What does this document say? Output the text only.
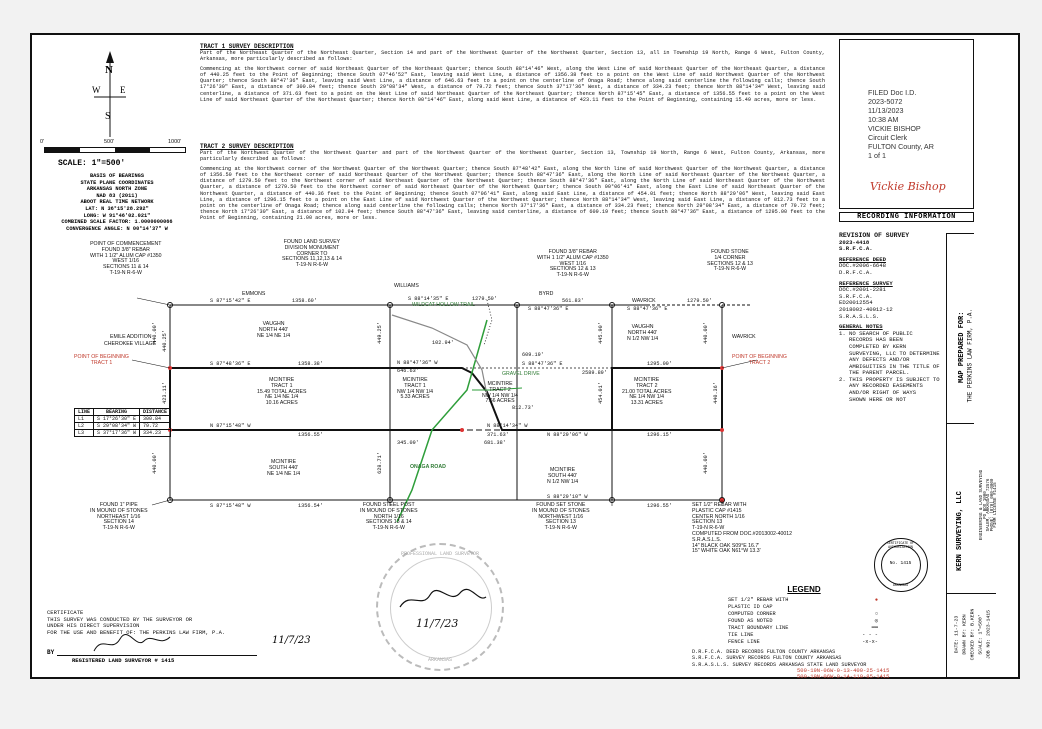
N
W E
S
0'	500'	1000'
SCALE: 1"=500'
BASIS OF BEARINGS
STATE PLANE COORDINATES
ARKANSAS NORTH ZONE
NAD 83 (2011)
ABOOT REAL TIME NETWORK
LAT: N 36°15'28.292"
LONG: W 91°46'02.021"
COMBINED SCALE FACTOR: 1.0000000066
CONVERGENCE ANGLE: N 00°14'37" W
TRACT 1 SURVEY DESCRIPTION
Part of the Northeast Quarter of the Northeast Quarter, Section 14 and part of the Northwest Quarter of the Northwest Quarter, Section 13, all in Township 19 North, Range 6 West, Fulton County, Arkansas, more particularly described as follows:
Commencing at the Northwest corner of said Northeast Quarter of the Northeast Quarter; thence South 88°14'46" West, along the West Line of said Northeast Quarter of the Northeast Quarter, a distance of 440.25 feet to the Point of Beginning; thence South 07°46'52" East, leaving said West Line, a distance of 1356.38 feet to a point on the West Line of said Northwest Quarter of the Northwest Quarter; thence South 88°47'36" East, leaving said West Line, a distance of 646.63 feet to a point on the centerline of Onaga Road; thence along said centerline the following calls; thence South 17°26'30" East, a distance of 300.84 feet; thence South 29°08'34" West, a distance of 79.72 feet; thence South 37°17'36" West, a distance of 334.23 feet; thence North 88°14'34" West, leaving said centerline, a distance of 371.63 feet to a point on the West Line of said Northeast Quarter of the Northeast Quarter; thence North 87°15'45" East, a distance of 1356.55 feet to a point on the West Line of said Northeast Quarter of the Northeast Quarter; thence North 00°14'46" East, along said West Line, a distance of 423.11 feet to the Point of Beginning, containing 15.49 acres, more or less.
TRACT 2 SURVEY DESCRIPTION
Part of the Northwest Quarter of the Northwest Quarter and part of the Northwest Quarter of the Northwest Quarter, Section 13, Township 19 North, Range 6 West, Fulton County, Arkansas, more particularly described as follows:
Commencing at the Northwest corner of the Northwest Quarter of the Northwest Quarter; thence South 87°48'42" East, along the North line of said Northwest Quarter of the Northwest Quarter, a distance of 1356.50 feet to the Northwest corner of said Northeast Quarter of the Northwest Quarter; thence South 88°47'36" East, along the North Line of said Northeast Quarter of the Northwest Quarter, a distance of 1279.50 feet to the Northwest corner of said Northeast Quarter of the Northwest Quarter; thence South 88°47'36" East, along the North Line of said Northeast Quarter of the Northwest Quarter, a distance of 1279.50 feet to the Northwest corner of said Northeast Quarter of the Northwest Quarter; thence South 00°06'41" East, along the East Line of said Northeast Quarter of the Northwest Quarter, a distance of 440.36 feet to the Point of Beginning; thence South 07°06'41" East, along said East Line, a distance of 454.01 feet; thence North 88°29'06" West, leaving said East Line, a distance of 1296.15 feet to a point on the East Line of said Northwest Quarter of the Northwest Quarter; thence North 88°14'34" West, leaving said East Line, a distance of 812.73 feet to a point on the centerline of Onaga Road; thence along said centerline the following calls; thence North 37°17'36" East, a distance of 334.23 feet; thence North 29°08'34" East, a distance of 79.72 feet; thence North 17°26'30" East, a distance of 102.94 feet; thence South 88°47'36" East, leaving said centerline, a distance of 609.19 feet; thence South 88°47'36" East, a distance of 1295.00 feet to the Point of Beginning, containing 21.00 acres, more or less.
EMMONS
WILLIAMS
BYRD
WAVRICK
WAVRICK
EMILE ADDITION
CHEROKEE VILLAGE
VAUGHN
NORTH 440'
NE 1/4 NE 1/4
VAUGHN
NORTH 440'
N 1/2 NW 1/4
MCINTIRE
TRACT 1
15.49 TOTAL ACRES
NE 1/4 NE 1/4
10.16 ACRES
MCINTIRE
TRACT 1
NW 1/4 NW 1/4
5.33 ACRES
MCINTIRE
TRACT 2
NW 1/4 NW 1/4
7.66 ACRES
MCINTIRE
TRACT 2
21.00 TOTAL ACRES
NE 1/4 NW 1/4
13.31 ACRES
MCINTIRE
SOUTH 440'
NE 1/4 NE 1/4
MCINTIRE
SOUTH 440'
N 1/2 NW 1/4
WILDCAT HOLLOW TRAIL
GRAVEL DRIVE
ONAGA ROAD
POINT OF COMMENCEMENT
FOUND 3/8" REBAR
WITH 1 1/2" ALUM CAP #1350
WEST 1/16
SECTIONS 11 & 14
T-19-N R-6-W
FOUND LAND SURVEY
DIVISION MONUMENT
CORNER TO
SECTIONS 11,12,13 & 14
T-19-N R-6-W
FOUND 3/8" REBAR
WITH 1 1/2" ALUM CAP #1350
WEST 1/16
SECTIONS 12 & 13
T-19-N R-6-W
FOUND STONE
1/4 CORNER
SECTIONS 12 & 13
T-19-N R-6-W
FOUND 1" PIPE
IN MOUND OF STONES
NORTHEAST 1/16
SECTION 14
T-19-N R-6-W
FOUND STEEL POST
IN MOUND OF STONES
NORTH 1/16
SECTIONS 13 & 14
T-19-N R-6-W
FOUND SET STONE
IN MOUND OF STONES
NORTHWEST 1/16
SECTION 13
T-19-N R-6-W
SET 1/2" REBAR WITH
PLASTIC CAP #1415
CENTER NORTH 1/16
SECTION 13
T-19-N R-6-W
COMPUTED FROM DOC.#2013002-40012
S.R.A.S.L.S.
14" BLACK OAK S09°E 16.7'
15" WHITE OAK N61°W 13.3'
POINT OF BEGINNING
TRACT 1
POINT OF BEGINNING
TRACT 2
S 87°15'42" E	1358.60'	S 88°14'35" E	1279.50'
S 88°47'36" E
561.83'
S 88°47'36" E
1279.50'
S 87°48'36" E	1358.38'	N 88°47'36" W
646.63'
S 88°47'36" E
2589.89'
1295.00'
N 88°14'34" W
371.63'
N 87°15'48" W
1356.55'	N 88°29'06" W	1296.15'
S 87°15'48" W	1356.54'
S 88°29'10" W
1296.55'
609.19'
681.38'
440.00'
440.00'
440.00'
440.00'
449.25'	445.90'
440.36'
454.01'
423.11'
440.25'
628.71'
102.94'
812.73'
345.09'
LINE	BEARING	DISTANCE
L1	S 17°26'30" E	300.84
L2	S 29°08'34" W	79.72
L3	S 37°17'36" W	334.23
CERTIFICATE
THIS SURVEY WAS CONDUCTED BY THE SURVEYOR OR
UNDER HIS DIRECT SUPERVISION
FOR THE USE AND BENEFIT OF: THE PERKINS LAW FIRM, P.A.
BY
REGISTERED LAND SURVEYOR # 1415
11/7/23
PROFESSIONAL LAND SURVEYOR
ARKANSAS
11/7/23
LEGEND
SET 1/2" REBAR WITH	●
PLASTIC ID CAP
COMPUTED CORNER	○
FOUND AS NOTED	◎
TRACT BOUNDARY LINE	━━
TIE LINE	- - -
FENCE LINE	-x-x-
D.R.F.C.A. DEED RECORDS FULTON COUNTY ARKANSAS
S.R.F.C.A. SURVEY RECORDS FULTON COUNTY ARKANSAS
S.R.A.S.L.S. SURVEY RECORDS ARKANSAS STATE LAND SURVEYOR
500-19N-06W-0-13-400-25-1415
500-19N-06W-0-14-110-85-1415
CERTIFICATE OF AUTHORIZATION
No. 1415
ARKANSAS
FILED Doc I.D.
2023-5072
11/13/2023
10:38 AM
VICKIE BISHOP
Circuit Clerk
FULTON County, AR
1 of 1
Vickie Bishop
RECORDING INFORMATION
REVISION OF SURVEY
2023-4418
S.R.F.C.A.
REFERENCE DEED
DOC.#2006-6648
D.R.F.C.A.
REFERENCE SURVEY
DOC.#2001-2281
S.R.F.C.A.
ED20012554
2018002-40012-12
S.R.A.S.L.S.
GENERAL NOTES
1. NO SEARCH OF PUBLIC
RECORDS HAS BEEN
COMPLETED BY KERN
SURVEYING, LLC TO DETERMINE
ANY DEFECTS AND/OR
AMBIGUITIES IN THE TITLE OF
THE PARENT PARCEL.
2. THIS PROPERTY IS SUBJECT TO
ANY RECORDED EASEMENTS
AND/OR RIGHT OF WAYS
SHOWN HERE OR NOT
MAP PREPARED FOR: THE PERKINS LAW FIRM, P.A.
KERN SURVEYING, LLC	ENGINEERING & LAND SURVEYING PO BOX 1000 SALEM, ARKANSAS 72576 PHONE: (870) 000-0000 FIRM LICENSE #1415
DATE: 11-7-23 DRAWN BY: KERN CHECKED BY: B.KERN SCALE: 1"=500' JOB NO: 2023-1415
